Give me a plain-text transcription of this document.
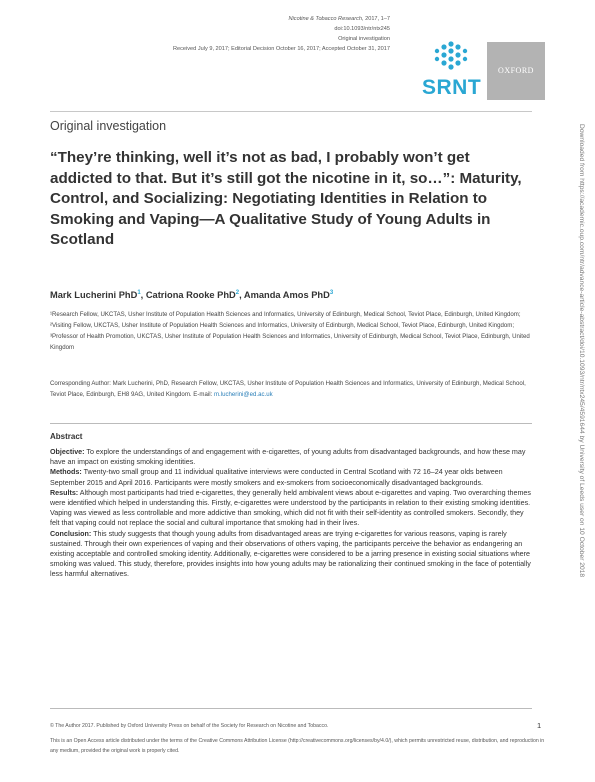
Nicotine & Tobacco Research, 2017, 1–7
doi:10.1093/ntr/ntx245
Original investigation
Received July 9, 2017; Editorial Decision October 16, 2017; Accepted October 31, 2017
SRNT
OXFORD
Original investigation
“They’re thinking, well it’s not as bad, I probably won’t get addicted to that. But it’s still got the nicotine in it, so…”: Maturity, Control, and Socializing: Negotiating Identities in Relation to Smoking and Vaping—A Qualitative Study of Young Adults in Scotland
Mark Lucherini PhD$^1$, Catriona Rooke PhD$^2$, Amanda Amos PhD$^3$
¹Research Fellow, UKCTAS, Usher Institute of Population Health Sciences and Informatics, University of Edinburgh, Medical School, Teviot Place, Edinburgh, United Kingdom; ²Visiting Fellow, UKCTAS, Usher Institute of Population Health Sciences and Informatics, University of Edinburgh, Medical School, Teviot Place, Edinburgh, United Kingdom; ³Professor of Health Promotion, UKCTAS, Usher Institute of Population Health Sciences and Informatics, University of Edinburgh, Medical School, Teviot Place, Edinburgh, United Kingdom
Corresponding Author: Mark Lucherini, PhD, Research Fellow, UKCTAS, Usher Institute of Population Health Sciences and Informatics, University of Edinburgh, Medical School, Teviot Place, Edinburgh, EH8 9AG, United Kingdom. E-mail: m.lucherini@ed.ac.uk
Abstract

Objective: To explore the understandings of and engagement with e-cigarettes, of young adults from disadvantaged backgrounds, and how these may have an impact on existing smoking identities.

Methods: Twenty-two small group and 11 individual qualitative interviews were conducted in Central Scotland with 72 16–24 year olds between September 2015 and April 2016. Participants were mostly smokers and ex-smokers from socioeconomically disadvantaged backgrounds.

Results: Although most participants had tried e-cigarettes, they generally held ambivalent views about e-cigarettes and vaping. Two overarching themes were identified which helped in understanding this. Firstly, e-cigarettes were understood by the participants in relation to their existing smoking identities. Vaping was viewed as less controllable and more addictive than smoking, which did not fit with their self-identity as controlled smokers. Secondly, they felt that vaping could not replace the social and cultural importance that smoking had in their lives.

Conclusion: This study suggests that though young adults from disadvantaged areas are trying e-cigarettes for various reasons, vaping is rarely sustained. Through their own experiences of vaping and their observations of others vaping, the participants perceive the behavior as endangering an existing acceptable and controlled smoking identity. Additionally, e-cigarettes were considered to be a jarring presence in existing social situations where smoking was valued. This study, therefore, provides insights into how young adults may be rationalizing their continued smoking in the face of potentially less harmful alternatives.

© The Author 2017. Published by Oxford University Press on behalf of the Society for Research on Nicotine and Tobacco.	1
This is an Open Access article distributed under the terms of the Creative Commons Attribution License (http://creativecommons.org/licenses/by/4.0/), which permits unrestricted reuse, distribution, and reproduction in any medium, provided the original work is properly cited.
Downloaded from https://academic.oup.com/ntr/advance-article-abstract/doi/10.1093/ntr/ntx245/4591644 by University of Leeds user on 10 October 2018
